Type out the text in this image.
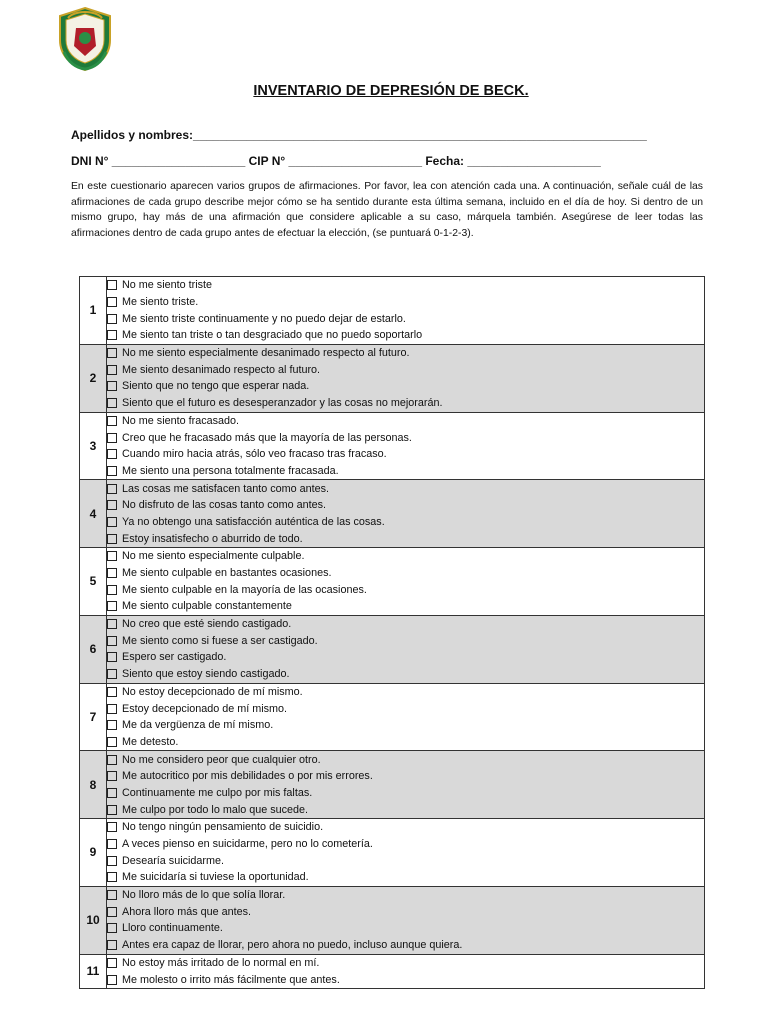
INVENTARIO DE DEPRESIÓN DE BECK.
Apellidos y nombres:____________________________________________________________________
DNI N° ____________________ CIP N° ____________________ Fecha: ____________________
En este cuestionario aparecen varios grupos de afirmaciones. Por favor, lea con atención cada una. A continuación, señale cuál de las afirmaciones de cada grupo describe mejor cómo se ha sentido durante esta última semana, incluido en el día de hoy. Si dentro de un mismo grupo, hay más de una afirmación que considere aplicable a su caso, márquela también. Asegúrese de leer todas las afirmaciones dentro de cada grupo antes de efectuar la elección, (se puntuará 0-1-2-3).
1	No me siento triste
Me siento triste.
Me siento triste continuamente y no puedo dejar de estarlo.
Me siento tan triste o tan desgraciado que no puedo soportarlo

2	No me siento especialmente desanimado respecto al futuro.
Me siento desanimado respecto al futuro.
Siento que no tengo que esperar nada.
Siento que el futuro es desesperanzador y las cosas no mejorarán.

3	No me siento fracasado.
Creo que he fracasado más que la mayoría de las personas.
Cuando miro hacia atrás, sólo veo fracaso tras fracaso.
Me siento una persona totalmente fracasada.

4	Las cosas me satisfacen tanto como antes.
No disfruto de las cosas tanto como antes.
Ya no obtengo una satisfacción auténtica de las cosas.
Estoy insatisfecho o aburrido de todo.

5	No me siento especialmente culpable.
Me siento culpable en bastantes ocasiones.
Me siento culpable en la mayoría de las ocasiones.
Me siento culpable constantemente

6	No creo que esté siendo castigado.
Me siento como si fuese a ser castigado.
Espero ser castigado.
Siento que estoy siendo castigado.

7	No estoy decepcionado de mí mismo.
Estoy decepcionado de mí mismo.
Me da vergüenza de mí mismo.
Me detesto.

8	No me considero peor que cualquier otro.
Me autocritico por mis debilidades o por mis errores.
Continuamente me culpo por mis faltas.
Me culpo por todo lo malo que sucede.

9	No tengo ningún pensamiento de suicidio.
A veces pienso en suicidarme, pero no lo cometería.
Desearía suicidarme.
Me suicidaría si tuviese la oportunidad.

10	No lloro más de lo que solía llorar.
Ahora lloro más que antes.
Lloro continuamente.
Antes era capaz de llorar, pero ahora no puedo, incluso aunque quiera.

11	No estoy más irritado de lo normal en mí.
Me molesto o irrito más fácilmente que antes.
